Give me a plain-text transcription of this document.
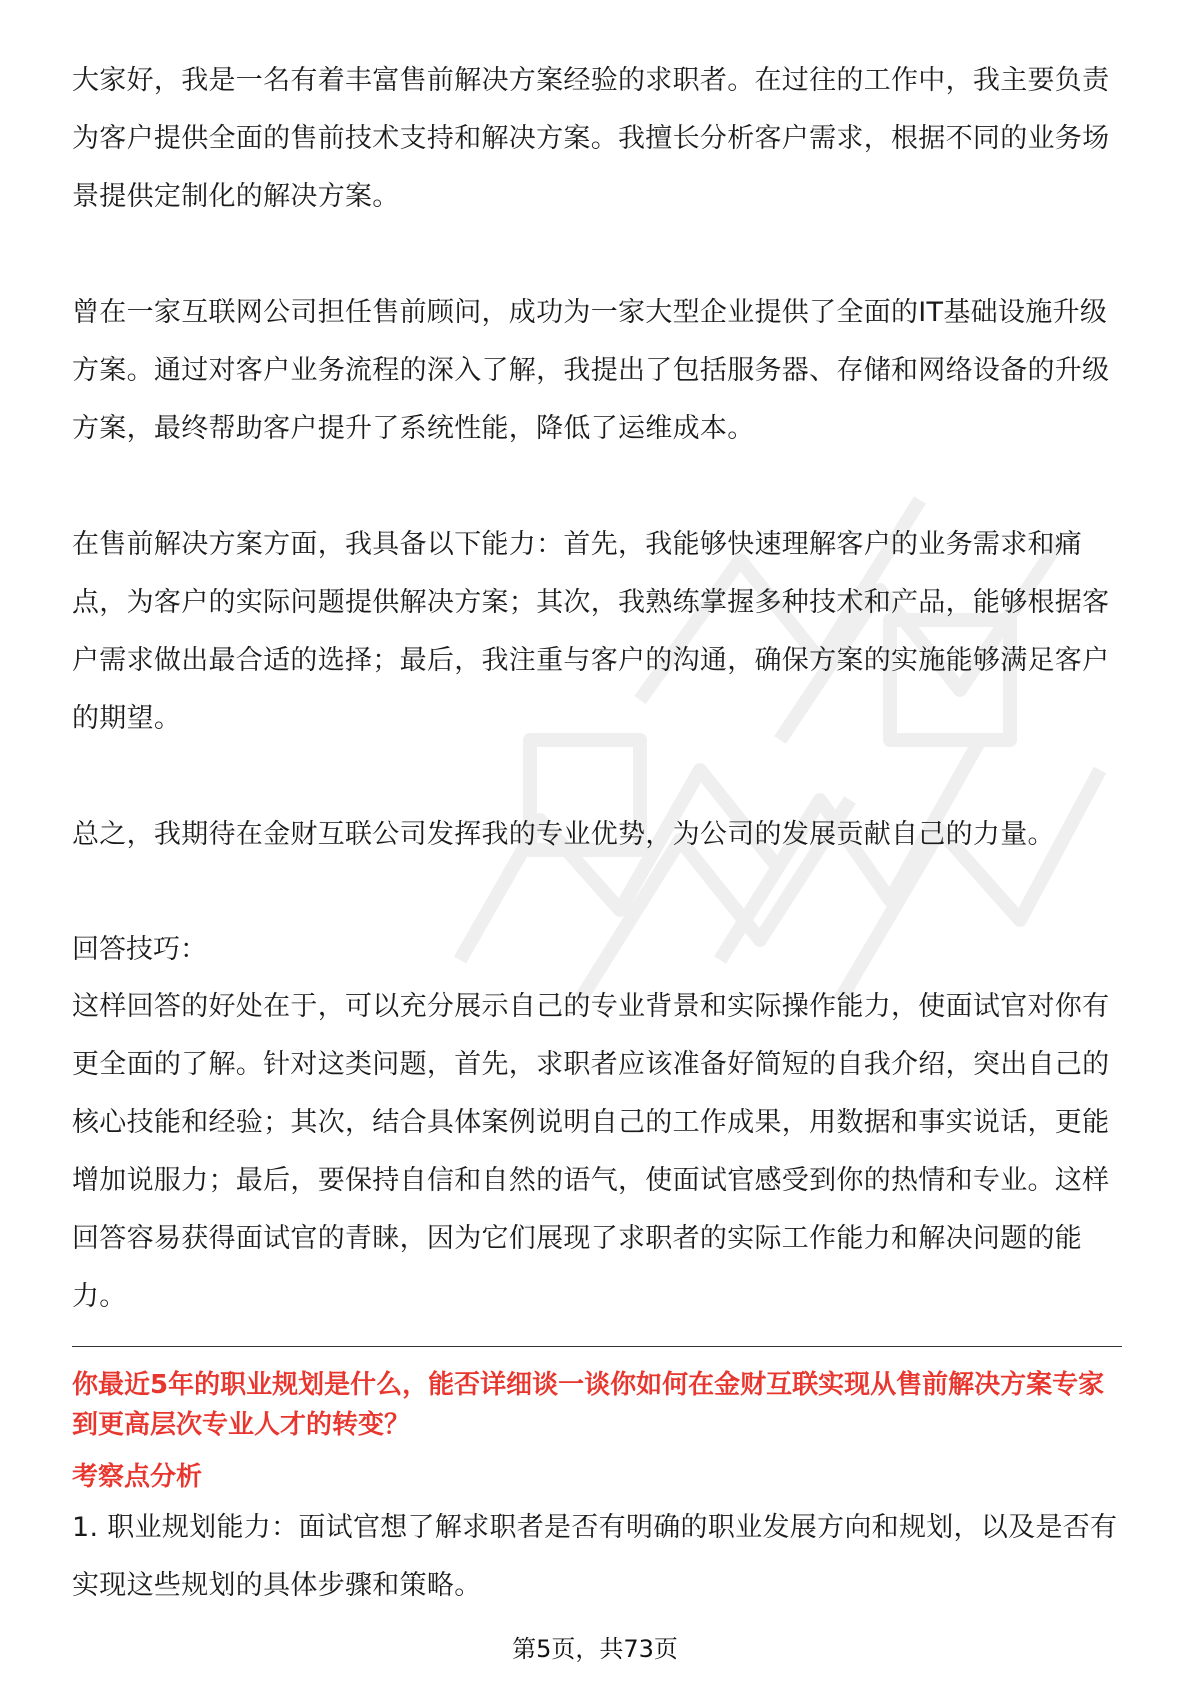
大家好，我是一名有着丰富售前解决方案经验的求职者。在过往的工作中，我主要负责为客户提供全面的售前技术支持和解决方案。我擅长分析客户需求，根据不同的业务场景提供定制化的解决方案。

曾在一家互联网公司担任售前顾问，成功为一家大型企业提供了全面的IT基础设施升级方案。通过对客户业务流程的深入了解，我提出了包括服务器、存储和网络设备的升级方案，最终帮助客户提升了系统性能，降低了运维成本。

在售前解决方案方面，我具备以下能力：首先，我能够快速理解客户的业务需求和痛点，为客户的实际问题提供解决方案；其次，我熟练掌握多种技术和产品，能够根据客户需求做出最合适的选择；最后，我注重与客户的沟通，确保方案的实施能够满足客户的期望。

总之，我期待在金财互联公司发挥我的专业优势，为公司的发展贡献自己的力量。

回答技巧：

这样回答的好处在于，可以充分展示自己的专业背景和实际操作能力，使面试官对你有更全面的了解。针对这类问题，首先，求职者应该准备好简短的自我介绍，突出自己的核心技能和经验；其次，结合具体案例说明自己的工作成果，用数据和事实说话，更能增加说服力；最后，要保持自信和自然的语气，使面试官感受到你的热情和专业。这样回答容易获得面试官的青睐，因为它们展现了求职者的实际工作能力和解决问题的能力。

你最近5年的职业规划是什么，能否详细谈一谈你如何在金财互联实现从售前解决方案专家到更高层次专业人才的转变？

考察点分析

1. 职业规划能力：面试官想了解求职者是否有明确的职业发展方向和规划，以及是否有实现这些规划的具体步骤和策略。

第5页，共73页
